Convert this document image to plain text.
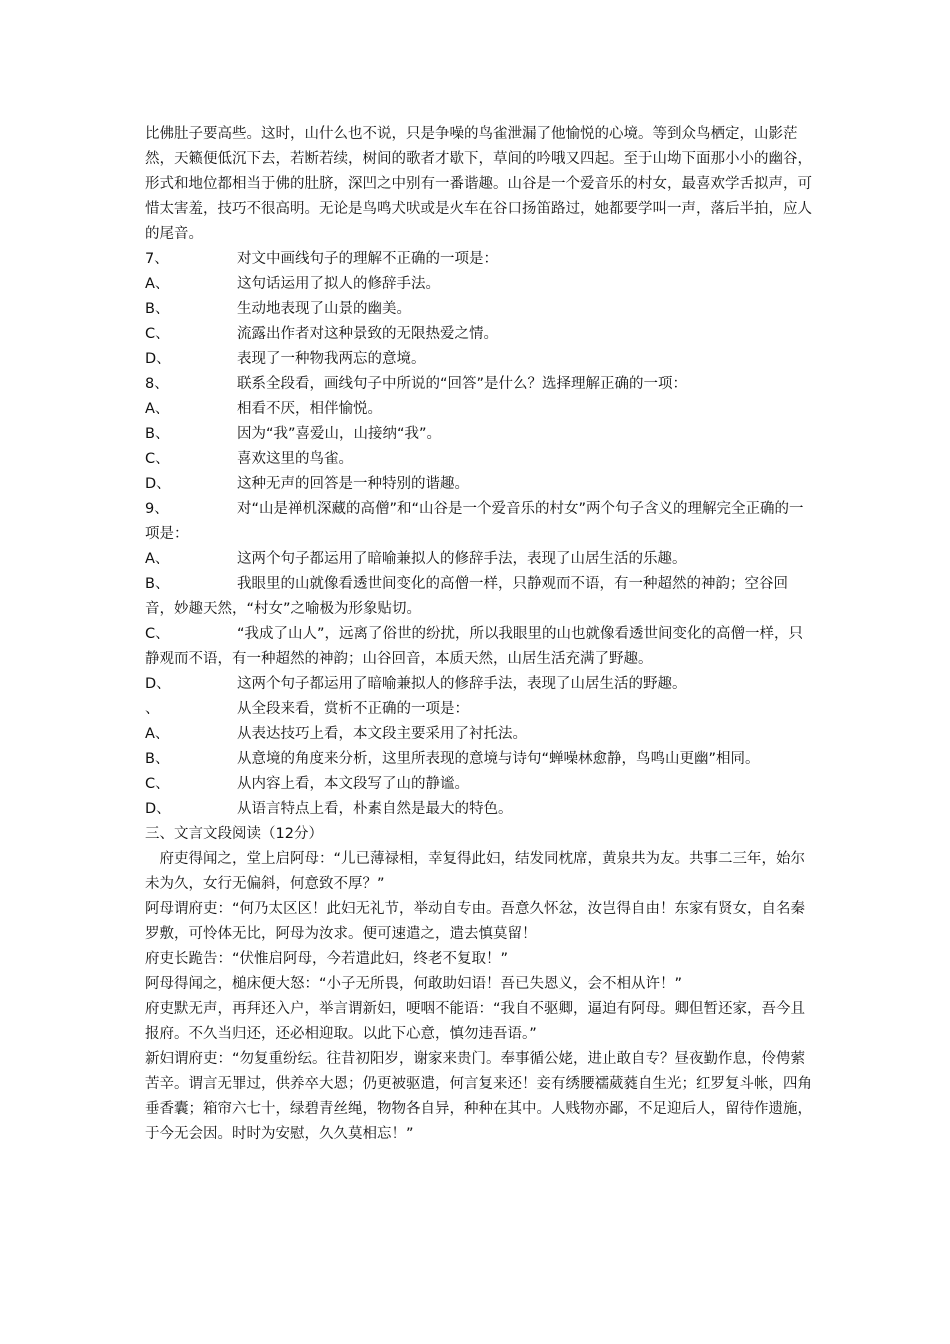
比佛肚子要高些。这时，山什么也不说，只是争噪的鸟雀泄漏了他愉悦的心境。等到众鸟栖定，山影茫然，天籁便低沉下去，若断若续，树间的歌者才歇下，草间的吟哦又四起。至于山坳下面那小小的幽谷，形式和地位都相当于佛的肚脐，深凹之中别有一番谐趣。山谷是一个爱音乐的村女，最喜欢学舌拟声，可惜太害羞，技巧不很高明。无论是鸟鸣犬吠或是火车在谷口扬笛路过，她都要学叫一声，落后半拍，应人的尾音。

7、	对文中画线句子的理解不正确的一项是：

A、	这句话运用了拟人的修辞手法。

B、	生动地表现了山景的幽美。

C、	流露出作者对这种景致的无限热爱之情。

D、	表现了一种物我两忘的意境。

8、	联系全段看，画线句子中所说的“回答”是什么？选择理解正确的一项：

A、	相看不厌，相伴愉悦。

B、	因为“我”喜爱山，山接纳“我”。

C、	喜欢这里的鸟雀。

D、	这种无声的回答是一种特别的谐趣。

9、	对“山是禅机深藏的高僧”和“山谷是一个爱音乐的村女”两个句子含义的理解完全正确的一项是：

A、	这两个句子都运用了暗喻兼拟人的修辞手法，表现了山居生活的乐趣。

B、	我眼里的山就像看透世间变化的高僧一样，只静观而不语，有一种超然的神韵；空谷回音，妙趣天然，“村女”之喻极为形象贴切。

C、	“我成了山人”，远离了俗世的纷扰，所以我眼里的山也就像看透世间变化的高僧一样，只静观而不语，有一种超然的神韵；山谷回音，本质天然，山居生活充满了野趣。

D、	这两个句子都运用了暗喻兼拟人的修辞手法，表现了山居生活的野趣。

、	从全段来看，赏析不正确的一项是：

A、	从表达技巧上看，本文段主要采用了衬托法。

B、	从意境的角度来分析，这里所表现的意境与诗句“蝉噪林愈静，鸟鸣山更幽”相同。

C、	从内容上看，本文段写了山的静谧。

D、	从语言特点上看，朴素自然是最大的特色。

三、文言文段阅读（12分）

府吏得闻之，堂上启阿母：“儿已薄禄相，幸复得此妇，结发同枕席，黄泉共为友。共事二三年，始尔未为久，女行无偏斜，何意致不厚？”

阿母谓府吏：“何乃太区区！此妇无礼节，举动自专由。吾意久怀忿，汝岂得自由！东家有贤女，自名秦罗敷，可怜体无比，阿母为汝求。便可速遣之，遣去慎莫留！

府吏长跪告：“伏惟启阿母，今若遣此妇，终老不复取！”

阿母得闻之，槌床便大怒：“小子无所畏，何敢助妇语！吾已失恩义，会不相从许！”

府吏默无声，再拜还入户，举言谓新妇，哽咽不能语：“我自不驱卿，逼迫有阿母。卿但暂还家，吾今且报府。不久当归还，还必相迎取。以此下心意，慎勿违吾语。”

新妇谓府吏：“勿复重纷纭。往昔初阳岁，谢家来贵门。奉事循公姥，进止敢自专？昼夜勤作息，伶俜萦苦辛。谓言无罪过，供养卒大恩；仍更被驱遣，何言复来还！妾有绣腰襦葳蕤自生光；红罗复斗帐，四角垂香囊；箱帘六七十，绿碧青丝绳，物物各自异，种种在其中。人贱物亦鄙，不足迎后人，留待作遗施，于今无会因。时时为安慰，久久莫相忘！”
